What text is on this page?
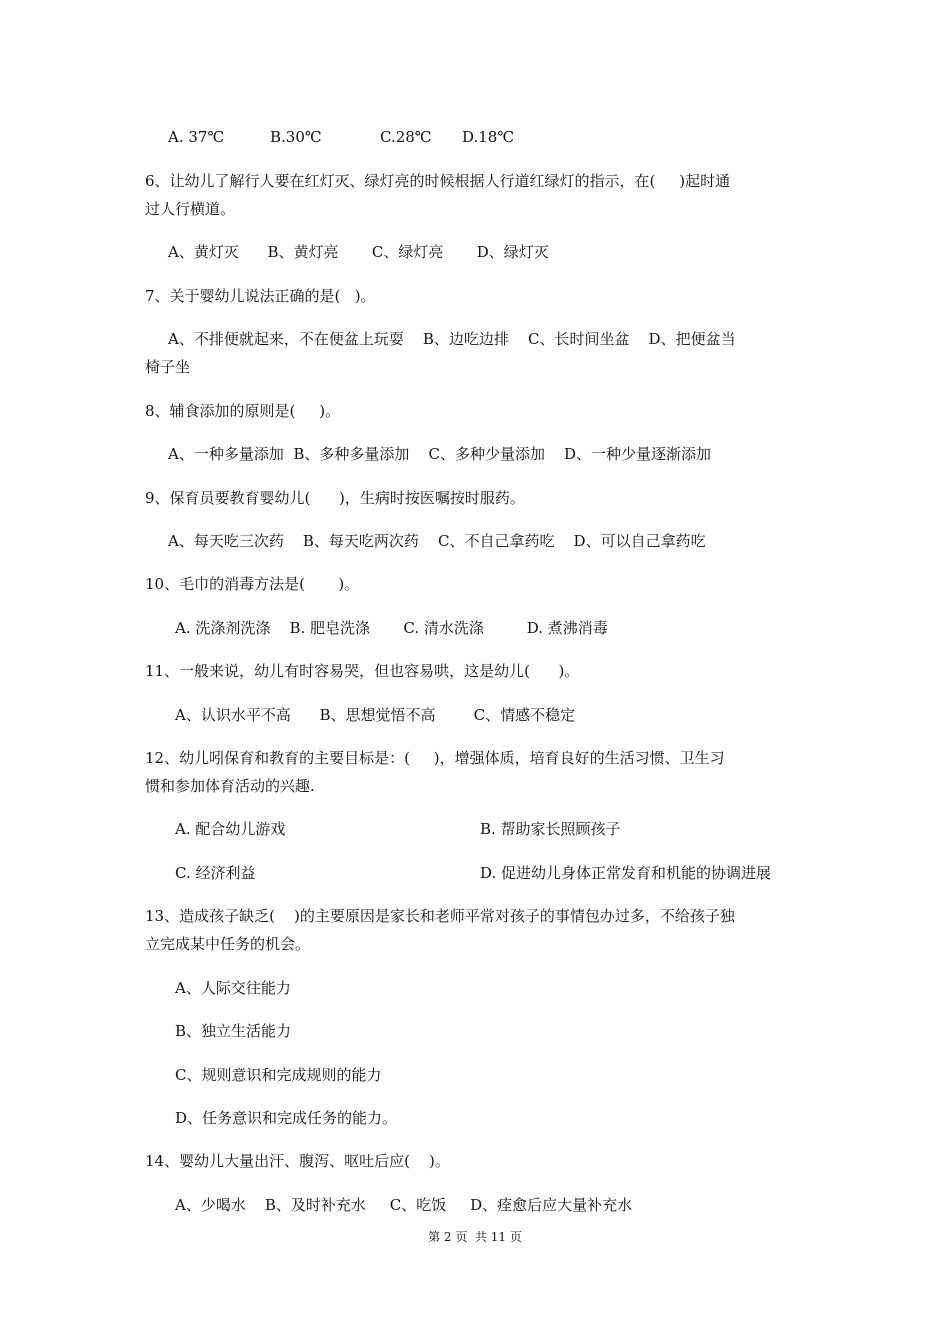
A. 37℃	B.30℃	C.28℃ D.18℃
6、让幼儿了解行人要在红灯灭、绿灯亮的时候根据人行道红绿灯的指示，在(     )起时通
过人行横道。
A、黄灯灭      B、黄灯亮       C、绿灯亮       D、绿灯灭
7、关于婴幼儿说法正确的是(   )。
A、不排便就起来，不在便盆上玩耍    B、边吃边排    C、长时间坐盆    D、把便盆当
椅子坐
8、辅食添加的原则是(     )。
A、一种多量添加  B、多种多量添加    C、多种少量添加    D、一种少量逐渐添加
9、保育员要教育婴幼儿(      )，生病时按医嘱按时服药。
A、每天吃三次药    B、每天吃两次药    C、不自己拿药吃    D、可以自己拿药吃
10、毛巾的消毒方法是(       )。
A. 洗涤剂洗涤    B. 肥皂洗涤       C. 清水洗涤         D. 煮沸消毒
11、一般来说，幼儿有时容易哭，但也容易哄，这是幼儿(      )。
A、认识水平不高      B、思想觉悟不高        C、情感不稳定
12、幼儿吲保育和教育的主要目标是：(     )，增强体质，培育良好的生活习惯、卫生习
惯和参加体育活动的兴趣.
A. 配合幼儿游戏	B. 帮助家长照顾孩子
C. 经济利益	D. 促进幼儿身体正常发育和机能的协调进展
13、造成孩子缺乏(    )的主要原因是家长和老师平常对孩子的事情包办过多，不给孩子独
立完成某中任务的机会。
A、人际交往能力
B、独立生活能力
C、规则意识和完成规则的能力
D、任务意识和完成任务的能力。
14、婴幼儿大量出汗、腹泻、呕吐后应(    )。
A、少喝水    B、及时补充水     C、吃饭     D、痊愈后应大量补充水
第 2 页  共 11 页
